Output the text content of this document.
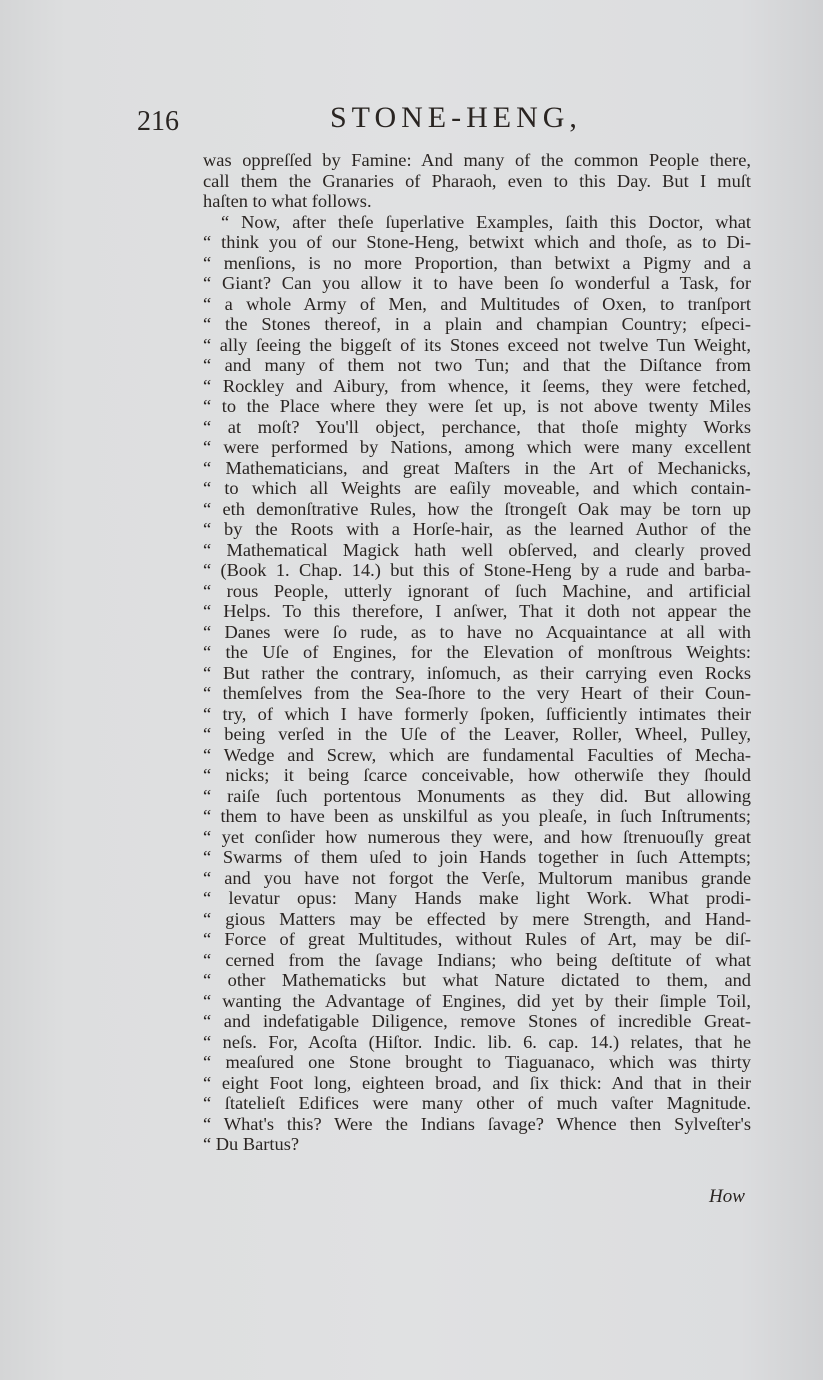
216	STONE-HENG,
was oppreſſed by Famine: And many of the common People there,
call them the Granaries of Pharaoh, even to this Day. But I muſt
haſten to what follows.
“ Now, after theſe ſuperlative Examples, ſaith this Doctor, what
“ think you of our Stone-Heng, betwixt which and thoſe, as to Di-
“ menſions, is no more Proportion, than betwixt a Pigmy and a
“ Giant? Can you allow it to have been ſo wonderful a Task, for
“ a whole Army of Men, and Multitudes of Oxen, to tranſport
“ the Stones thereof, in a plain and champian Country; eſpeci-
“ ally ſeeing the biggeſt of its Stones exceed not twelve Tun Weight,
“ and many of them not two Tun; and that the Diſtance from
“ Rockley and Aibury, from whence, it ſeems, they were fetched,
“ to the Place where they were ſet up, is not above twenty Miles
“ at moſt? You'll object, perchance, that thoſe mighty Works
“ were performed by Nations, among which were many excellent
“ Mathematicians, and great Maſters in the Art of Mechanicks,
“ to which all Weights are eaſily moveable, and which contain-
“ eth demonſtrative Rules, how the ſtrongeſt Oak may be torn up
“ by the Roots with a Horſe-hair, as the learned Author of the
“ Mathematical Magick hath well obſerved, and clearly proved
“ (Book 1. Chap. 14.) but this of Stone-Heng by a rude and barba-
“ rous People, utterly ignorant of ſuch Machine, and artificial
“ Helps. To this therefore, I anſwer, That it doth not appear the
“ Danes were ſo rude, as to have no Acquaintance at all with
“ the Uſe of Engines, for the Elevation of monſtrous Weights:
“ But rather the contrary, inſomuch, as their carrying even Rocks
“ themſelves from the Sea-ſhore to the very Heart of their Coun-
“ try, of which I have formerly ſpoken, ſufficiently intimates their
“ being verſed in the Uſe of the Leaver, Roller, Wheel, Pulley,
“ Wedge and Screw, which are fundamental Faculties of Mecha-
“ nicks; it being ſcarce conceivable, how otherwiſe they ſhould
“ raiſe ſuch portentous Monuments as they did. But allowing
“ them to have been as unskilful as you pleaſe, in ſuch Inſtruments;
“ yet conſider how numerous they were, and how ſtrenuouſly great
“ Swarms of them uſed to join Hands together in ſuch Attempts;
“ and you have not forgot the Verſe, Multorum manibus grande
“ levatur opus: Many Hands make light Work. What prodi-
“ gious Matters may be effected by mere Strength, and Hand-
“ Force of great Multitudes, without Rules of Art, may be diſ-
“ cerned from the ſavage Indians; who being deſtitute of what
“ other Mathematicks but what Nature dictated to them, and
“ wanting the Advantage of Engines, did yet by their ſimple Toil,
“ and indefatigable Diligence, remove Stones of incredible Great-
“ neſs. For, Acoſta (Hiſtor. Indic. lib. 6. cap. 14.) relates, that he
“ meaſured one Stone brought to Tiaguanaco, which was thirty
“ eight Foot long, eighteen broad, and ſix thick: And that in their
“ ſtatelieſt Edifices were many other of much vaſter Magnitude.
“ What's this? Were the Indians ſavage? Whence then Sylveſter's
“ Du Bartus?
How
